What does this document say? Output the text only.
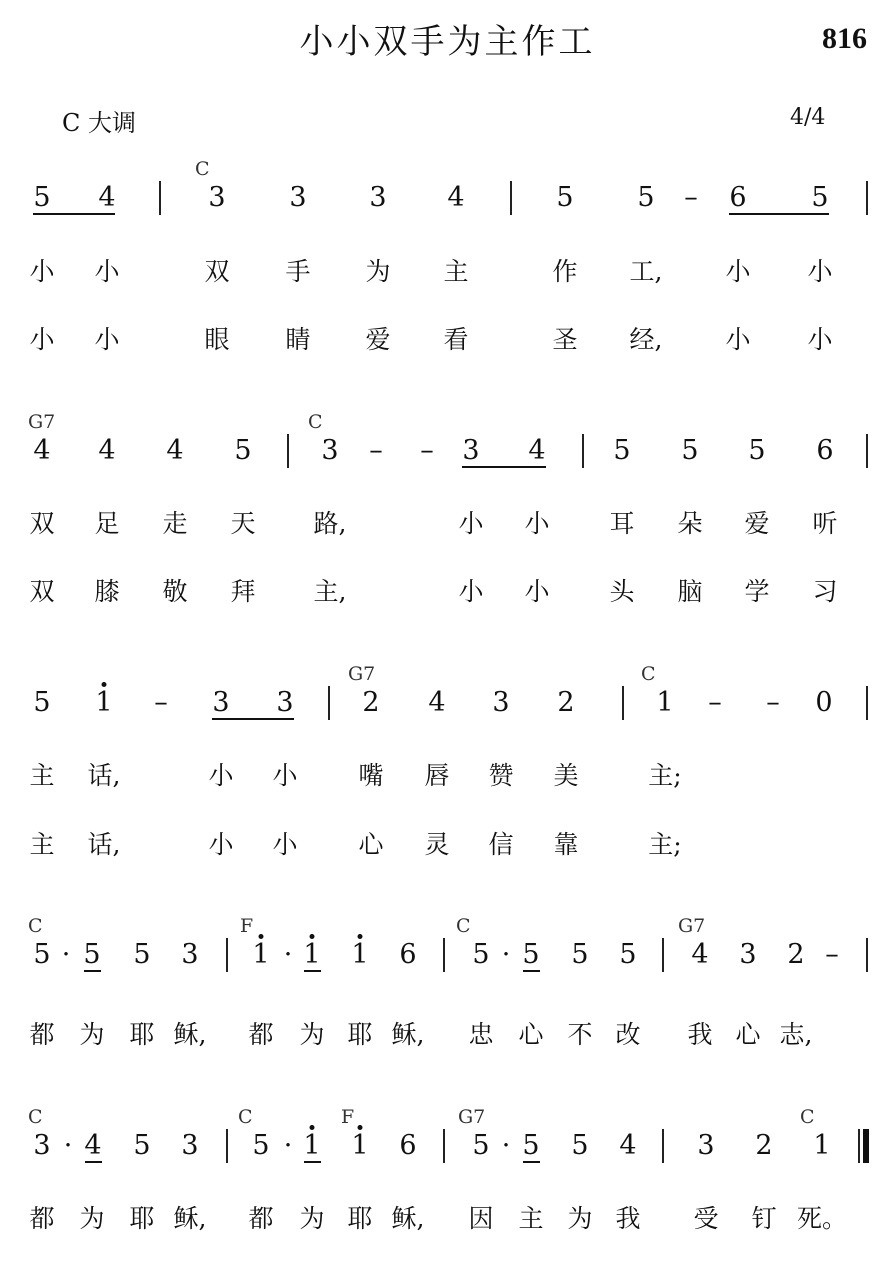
小小双手为主作工	816
C 大调	4/4
C
5 4	3 3 3 4	5 5 – 6 5
小 小	双 手 为 主	作 工,	小 小
小 小	眼 睛 爱 看	圣 经,	小 小
G7	C
4 4 4 5	3 – – 3 4	5 5 5 6
双 足 走 天 路,	小 小 耳 朵 爱 听
双 膝 敬 拜 主,	小 小 头 脑 学 习
G7	C
5 1 – 3 3	2 4 3 2	1 – – 0
主 话,	小 小 嘴 唇 赞 美	主;
主 话,	小 小 心 灵 信 靠	主;
C	F	C	G7
5 · 5 5 3 1 · 1 1 6 5 · 5 5 5 4 3 2 –
都 为 耶 稣, 都 为 耶 稣, 忠 心 不 改 我 心 志,
C	C	F	G7	C
3 · 4 5 3 5 · 1 1 6 5 · 5 5 4 3 2 1
都 为 耶 稣, 都 为 耶 稣, 因 主 为 我 受 钉 死。
